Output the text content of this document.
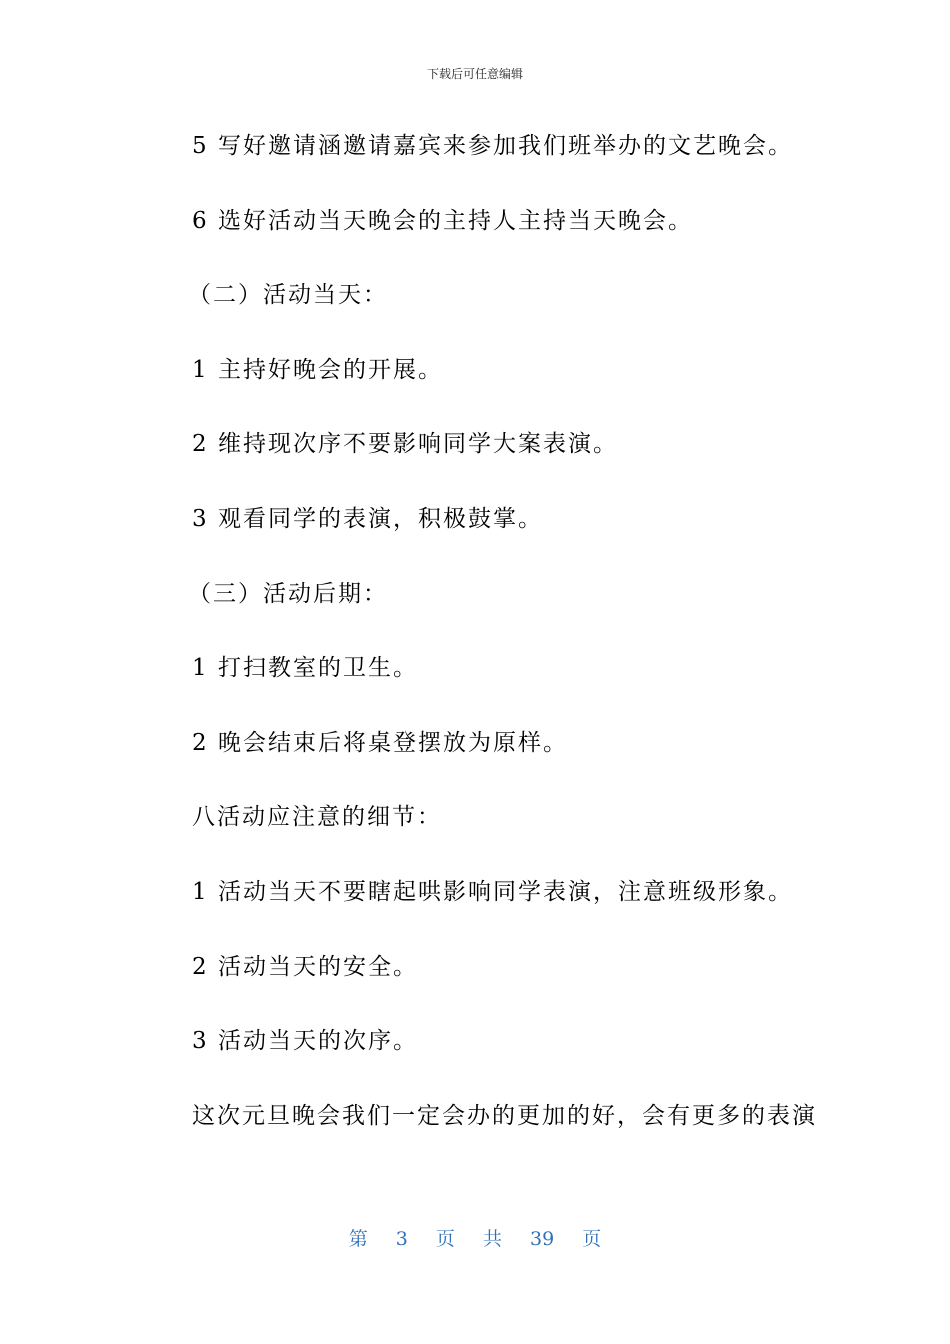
下载后可任意编辑
5 写好邀请涵邀请嘉宾来参加我们班举办的文艺晚会。
6 选好活动当天晚会的主持人主持当天晚会。
（二）活动当天：
1 主持好晚会的开展。
2 维持现次序不要影响同学大案表演。
3 观看同学的表演，积极鼓掌。
（三）活动后期：
1 打扫教室的卫生。
2 晚会结束后将桌登摆放为原样。
八活动应注意的细节：
1 活动当天不要瞎起哄影响同学表演，注意班级形象。
2 活动当天的安全。
3 活动当天的次序。
这次元旦晚会我们一定会办的更加的好，会有更多的表演
第 3 页 共 39 页
